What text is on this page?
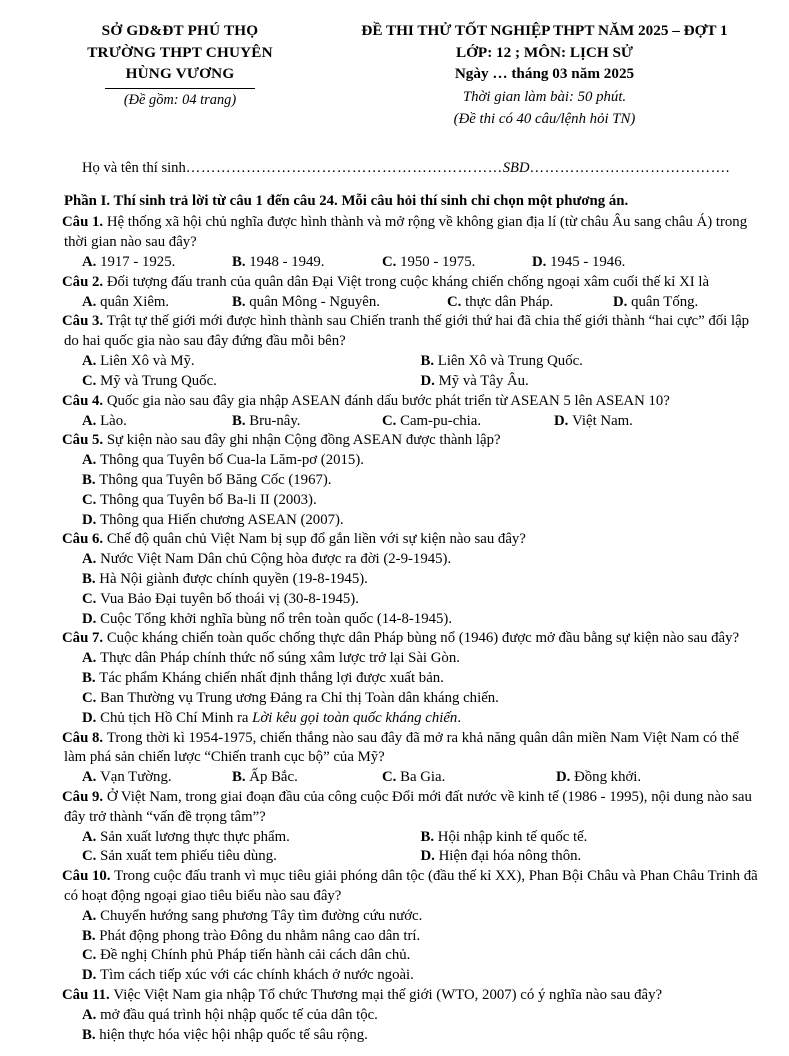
SỞ GD&ĐT PHÚ THỌ
TRƯỜNG THPT CHUYÊN
HÙNG VƯƠNG
(Đề gồm: 04 trang)
ĐỀ THI THỬ TỐT NGHIỆP THPT NĂM 2025 – ĐỢT 1
LỚP: 12 ; MÔN: LỊCH SỬ
Ngày … tháng 03 năm 2025
Thời gian làm bài: 50 phút.
(Đề thi có 40 câu/lệnh hỏi TN)
Họ và tên thí sinh………………………………………………………SBD………………………………….
Phần I. Thí sinh trả lời từ câu 1 đến câu 24. Mỗi câu hỏi thí sinh chỉ chọn một phương án.

Câu 1. Hệ thống xã hội chủ nghĩa được hình thành và mở rộng về không gian địa lí (từ châu Âu sang châu Á) trong thời gian nào sau đây?

A. 1917 - 1925.	B. 1948 - 1949.	C. 1950 - 1975.	D. 1945 - 1946.

Câu 2. Đối tượng đấu tranh của quân dân Đại Việt trong cuộc kháng chiến chống ngoại xâm cuối thế kỉ XI là

A. quân Xiêm.	B. quân Mông - Nguyên.	C. thực dân Pháp.	D. quân Tống.

Câu 3. Trật tự thế giới mới được hình thành sau Chiến tranh thế giới thứ hai đã chia thế giới thành “hai cực” đối lập do hai quốc gia nào sau đây đứng đầu mỗi bên?

A. Liên Xô và Mỹ.
C. Mỹ và Trung Quốc.
B. Liên Xô và Trung Quốc.
D. Mỹ và Tây Âu.

Câu 4. Quốc gia nào sau đây gia nhập ASEAN đánh dấu bước phát triển từ ASEAN 5 lên ASEAN 10?

A. Lào.	B. Bru-nây.	C. Cam-pu-chia.	D. Việt Nam.

Câu 5. Sự kiện nào sau đây ghi nhận Cộng đồng ASEAN được thành lập?

A. Thông qua Tuyên bố Cua-la Lăm-pơ (2015).
B. Thông qua Tuyên bố Băng Cốc (1967).
C. Thông qua Tuyên bố Ba-li II (2003).
D. Thông qua Hiến chương ASEAN (2007).

Câu 6. Chế độ quân chủ Việt Nam bị sụp đổ gắn liền với sự kiện nào sau đây?

A. Nước Việt Nam Dân chủ Cộng hòa được ra đời (2-9-1945).
B. Hà Nội giành được chính quyền (19-8-1945).
C. Vua Bảo Đại tuyên bố thoái vị (30-8-1945).
D. Cuộc Tổng khởi nghĩa bùng nổ trên toàn quốc (14-8-1945).

Câu 7. Cuộc kháng chiến toàn quốc chống thực dân Pháp bùng nổ (1946) được mở đầu bằng sự kiện nào sau đây?

A. Thực dân Pháp chính thức nổ súng xâm lược trở lại Sài Gòn.
B. Tác phẩm Kháng chiến nhất định thắng lợi được xuất bản.
C. Ban Thường vụ Trung ương Đảng ra Chỉ thị Toàn dân kháng chiến.
D. Chủ tịch Hồ Chí Minh ra Lời kêu gọi toàn quốc kháng chiến.

Câu 8. Trong thời kì 1954-1975, chiến thắng nào sau đây đã mở ra khả năng quân dân miền Nam Việt Nam có thể làm phá sản chiến lược “Chiến tranh cục bộ” của Mỹ?

A. Vạn Tường.	B. Ấp Bắc.	C. Ba Gia.	D. Đồng khởi.

Câu 9. Ở Việt Nam, trong giai đoạn đầu của công cuộc Đổi mới đất nước về kinh tế (1986 - 1995), nội dung nào sau đây trở thành “vấn đề trọng tâm”?

A. Sản xuất lương thực thực phẩm.
C. Sản xuất tem phiếu tiêu dùng.
B. Hội nhập kinh tế quốc tế.
D. Hiện đại hóa nông thôn.

Câu 10. Trong cuộc đấu tranh vì mục tiêu giải phóng dân tộc (đầu thế kỉ XX), Phan Bội Châu và Phan Châu Trinh đã có hoạt động ngoại giao tiêu biểu nào sau đây?

A. Chuyển hướng sang phương Tây tìm đường cứu nước.
B. Phát động phong trào Đông du nhằm nâng cao dân trí.
C. Đề nghị Chính phủ Pháp tiến hành cải cách dân chủ.
D. Tìm cách tiếp xúc với các chính khách ở nước ngoài.

Câu 11. Việc Việt Nam gia nhập Tổ chức Thương mại thế giới (WTO, 2007) có ý nghĩa nào sau đây?

A. mở đầu quá trình hội nhập quốc tế của dân tộc.
B. hiện thực hóa việc hội nhập quốc tế sâu rộng.
